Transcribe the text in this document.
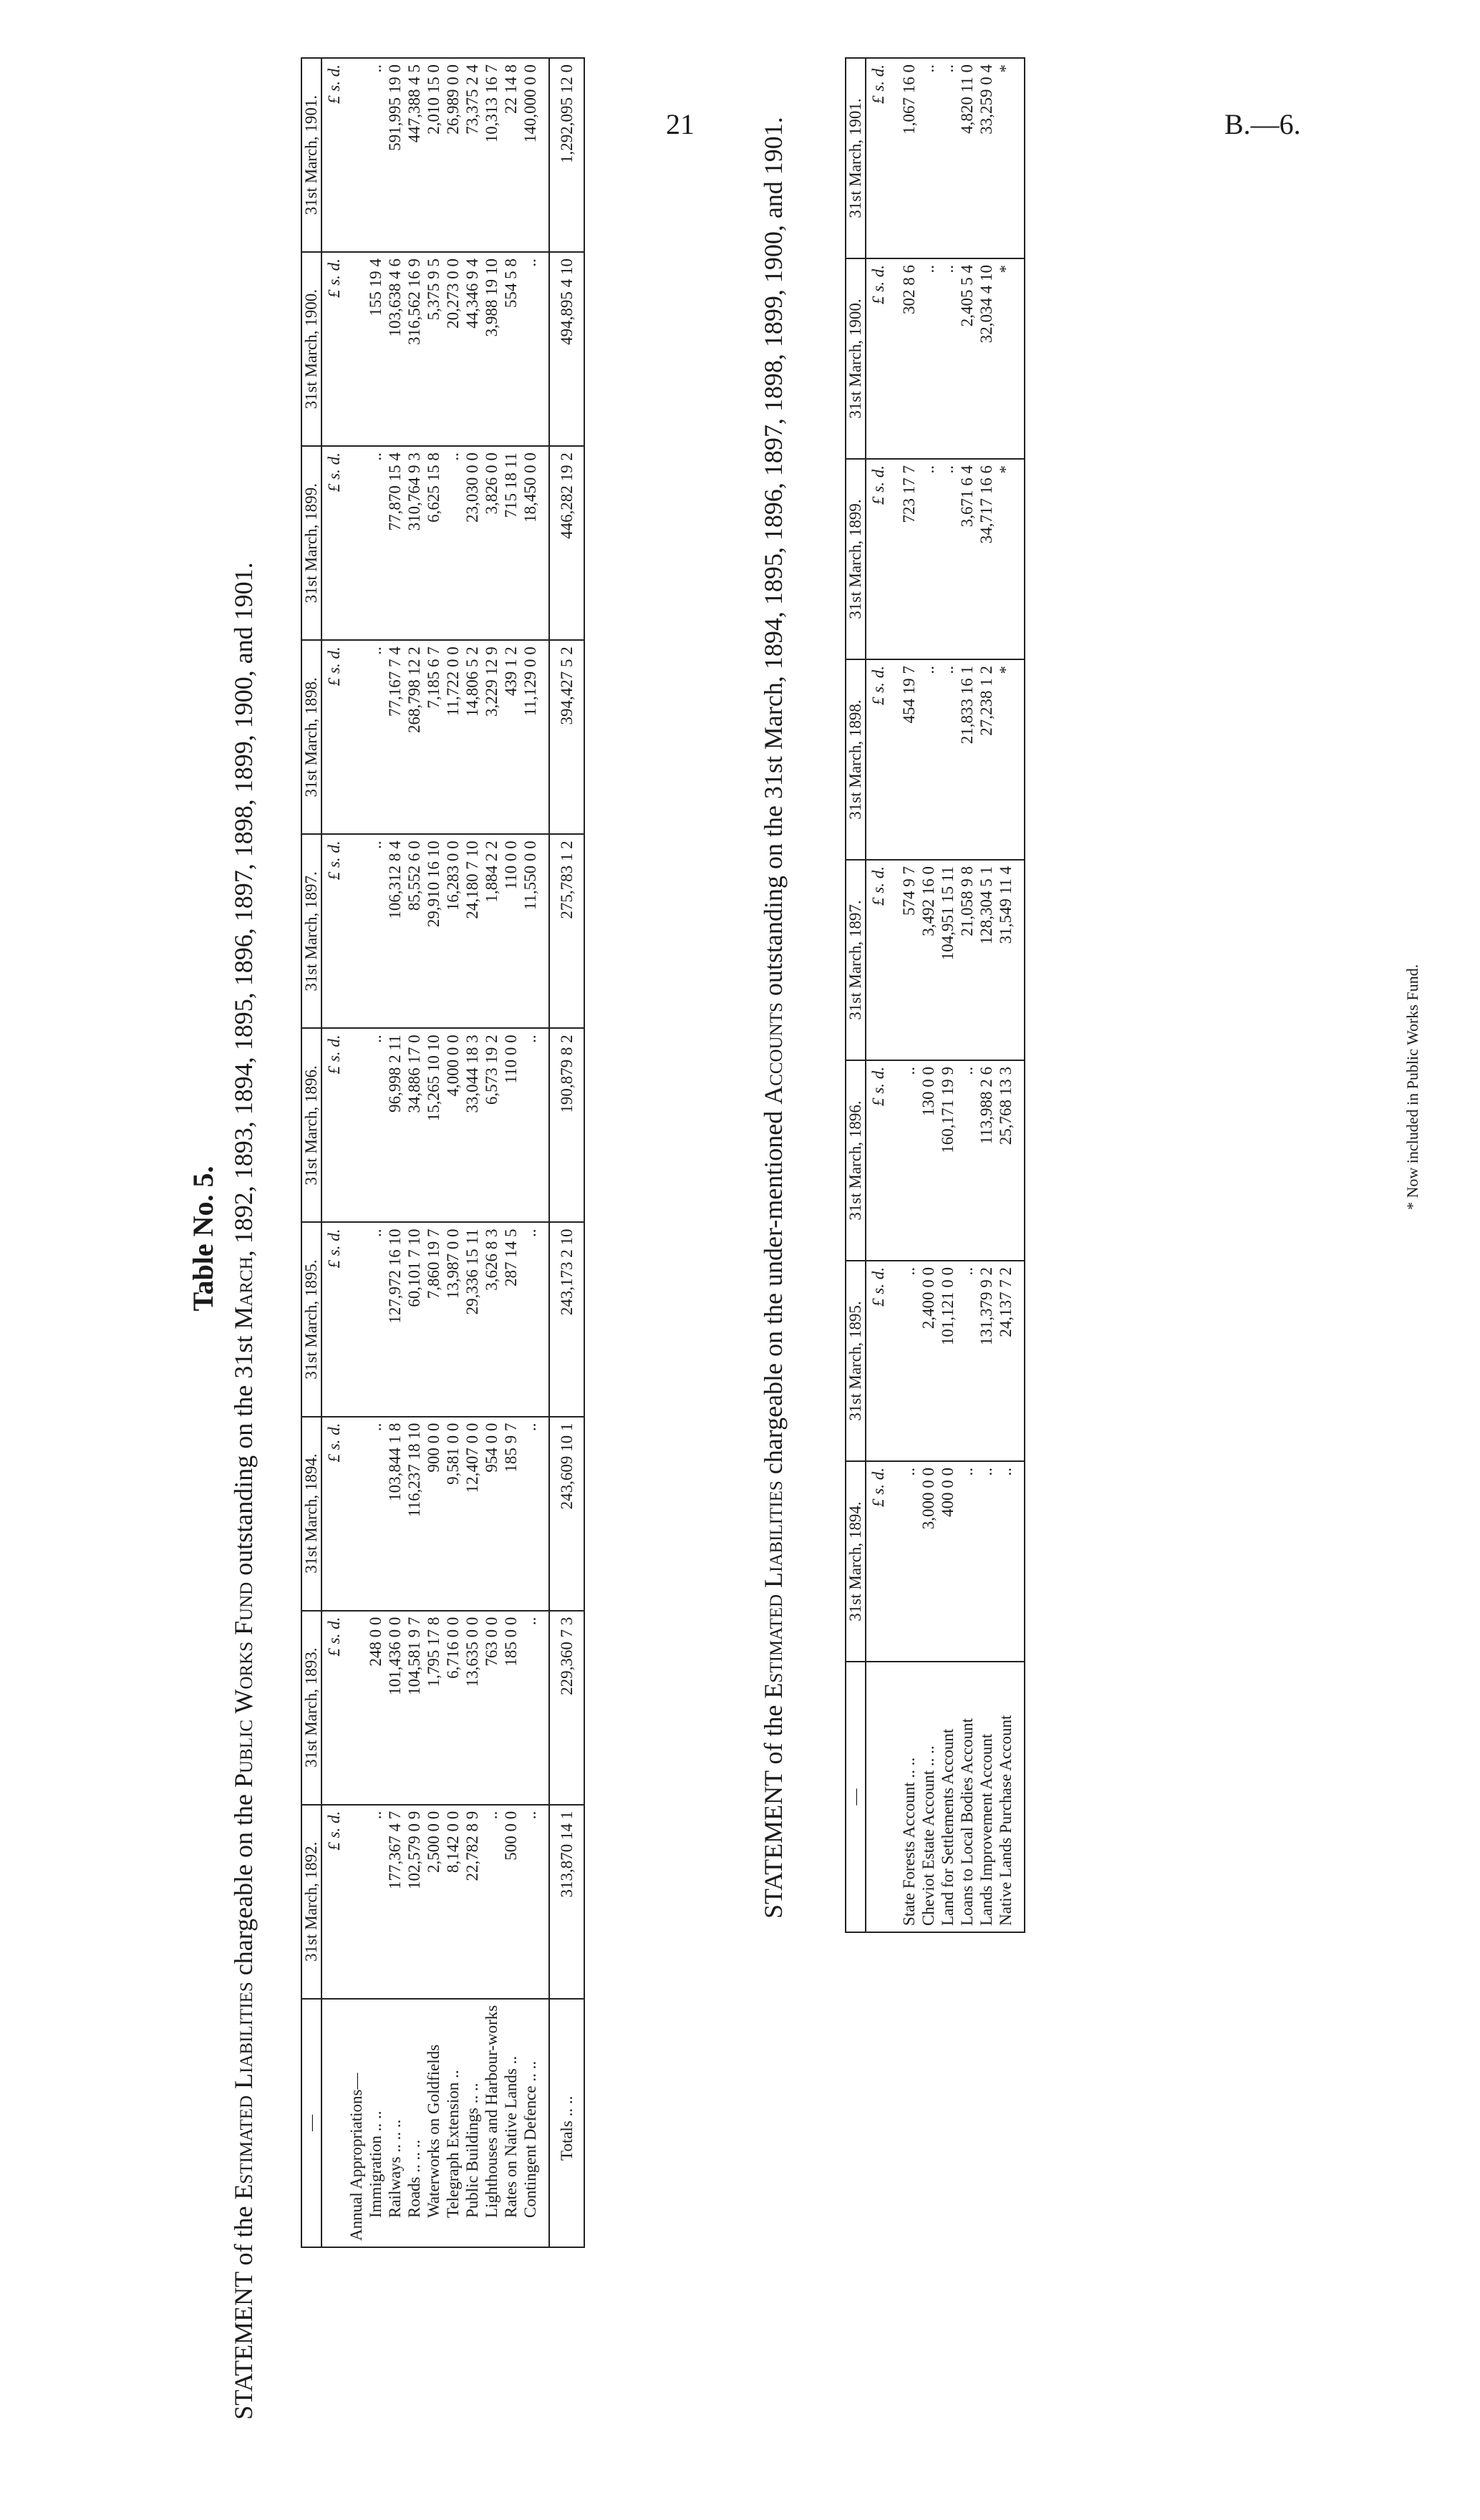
21	B.—6.
Table No. 5.
STATEMENT of the Estimated Liabilities chargeable on the Public Works Fund outstanding on the 31st March, 1892, 1893, 1894, 1895, 1896, 1897, 1898, 1899, 1900, and 1901.
—	31st March, 1892.	31st March, 1893.	31st March, 1894.	31st March, 1895.	31st March, 1896.	31st March, 1897.	31st March, 1898.	31st March, 1899.	31st March, 1900.	31st March, 1901.
	£ s. d.	£ s. d.	£ s. d.	£ s. d.	£ s. d.	£ s. d.	£ s. d.	£ s. d.	£ s. d.	£ s. d.
Annual Appropriations—										
Immigration .. ..	..	248 0 0	..	..	..	..	..	..	155 19 4	..
Railways .. .. ..	177,367 4 7	101,436 0 0	103,844 1 8	127,972 16 10	96,998 2 11	106,312 8 4	77,167 7 4	77,870 15 4	103,638 4 6	591,995 19 0
Roads .. .. ..	102,579 0 9	104,581 9 7	116,237 18 10	60,101 7 10	34,886 17 0	85,552 6 0	268,798 12 2	310,764 9 3	316,562 16 9	447,388 4 5
Waterworks on Goldfields	2,500 0 0	1,795 17 8	900 0 0	7,860 19 7	15,265 10 10	29,910 16 10	7,185 6 7	6,625 15 8	5,375 9 5	2,010 15 0
Telegraph Extension ..	8,142 0 0	6,716 0 0	9,581 0 0	13,987 0 0	4,000 0 0	16,283 0 0	11,722 0 0	..	20,273 0 0	26,989 0 0
Public Buildings .. ..	22,782 8 9	13,635 0 0	12,407 0 0	29,336 15 11	33,044 18 3	24,180 7 10	14,806 5 2	23,030 0 0	44,346 9 4	73,375 2 4
Lighthouses and Harbour-works	..	763 0 0	954 0 0	3,626 8 3	6,573 19 2	1,884 2 2	3,229 12 9	3,826 0 0	3,988 19 10	10,313 16 7
Rates on Native Lands ..	500 0 0	185 0 0	185 9 7	287 14 5	110 0 0	110 0 0	439 1 2	715 18 11	554 5 8	22 14 8
Contingent Defence .. ..	..	..	..	..	..	11,550 0 0	11,129 0 0	18,450 0 0	..	140,000 0 0

Totals .. ..	313,870 14 1	229,360 7 3	243,609 10 1	243,173 2 10	190,879 8 2	275,783 1 2	394,427 5 2	446,282 19 2	494,895 4 10	1,292,095 12 0
STATEMENT of the Estimated Liabilities chargeable on the under-mentioned Accounts outstanding on the 31st March, 1894, 1895, 1896, 1897, 1898, 1899, 1900, and 1901.
—	31st March, 1894.	31st March, 1895.	31st March, 1896.	31st March, 1897.	31st March, 1898.	31st March, 1899.	31st March, 1900.	31st March, 1901.
	£ s. d.	£ s. d.	£ s. d.	£ s. d.	£ s. d.	£ s. d.	£ s. d.	£ s. d.

State Forests Account .. ..	..	..	..	574 9 7	454 19 7	723 17 7	302 8 6	1,067 16 0
Cheviot Estate Account .. ..	3,000 0 0	2,400 0 0	130 0 0	3,492 16 0	..	..	..	..
Land for Settlements Account	400 0 0	101,121 0 0	160,171 19 9	104,951 15 11	..	..	..	..
Loans to Local Bodies Account	..	..	..	21,058 9 8	21,833 16 1	3,671 6 4	2,405 5 4	4,820 11 0
Lands Improvement Account	..	131,379 9 2	113,988 2 6	128,304 5 1	27,238 1 2	34,717 16 6	32,034 4 10	33,259 0 4
Native Lands Purchase Account	..	24,137 7 2	25,768 13 3	31,549 11 4	*	*	*	*

* Now included in Public Works Fund.
